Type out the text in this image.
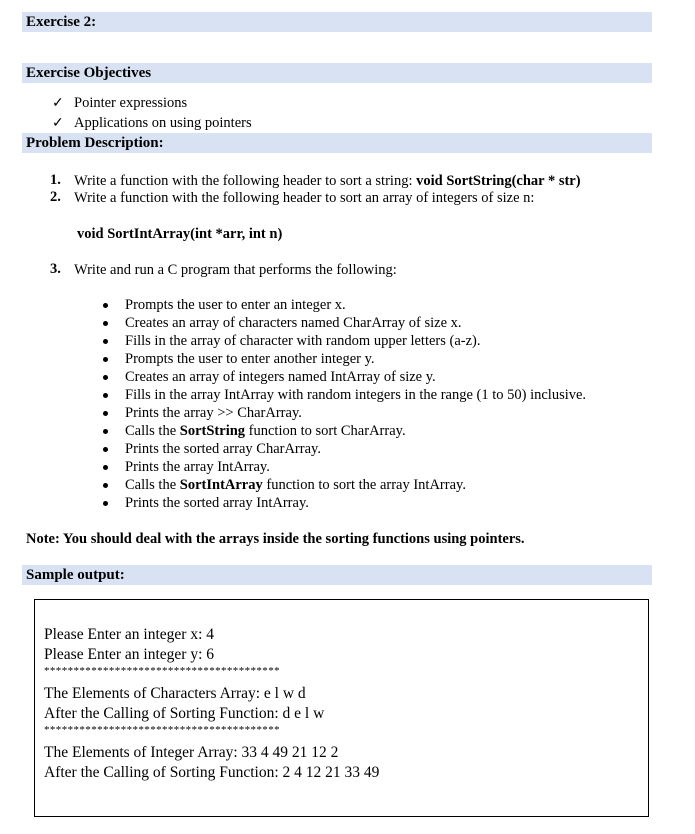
Exercise 2:
Exercise Objectives
✓ Pointer expressions
✓ Applications on using pointers
Problem Description:
1. Write a function with the following header to sort a string: void SortString(char * str)
2. Write a function with the following header to sort an array of integers of size n:
void SortIntArray(int *arr, int n)
3. Write and run a C program that performs the following:
Prompts the user to enter an integer x.
Creates an array of characters named CharArray of size x.
Fills in the array of character with random upper letters (a-z).
Prompts the user to enter another integer y.
Creates an array of integers named IntArray of size y.
Fills in the array IntArray with random integers in the range (1 to 50) inclusive.
Prints the array >> CharArray.
Calls the SortString function to sort CharArray.
Prints the sorted array CharArray.
Prints the array IntArray.
Calls the SortIntArray function to sort the array IntArray.
Prints the sorted array IntArray.
Note: You should deal with the arrays inside the sorting functions using pointers.
Sample output:
Please Enter an integer x: 4
Please Enter an integer y: 6
****************************************
The Elements of Characters Array: e l w d
After the Calling of Sorting Function: d e l w
****************************************
The Elements of Integer Array: 33 4 49 21 12 2
After the Calling of Sorting Function: 2 4 12 21 33 49
